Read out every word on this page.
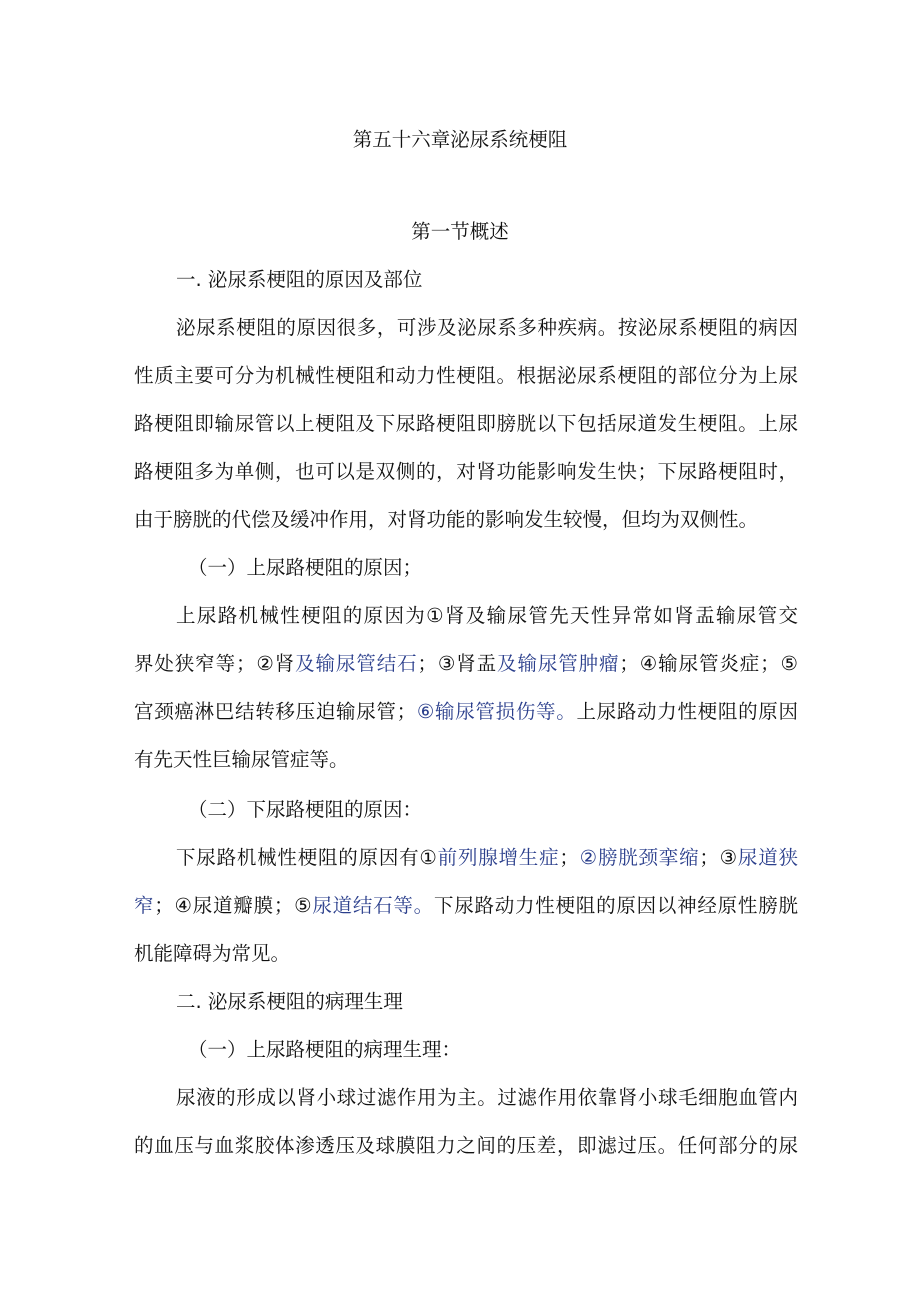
第五十六章泌尿系统梗阻
第一节概述
一. 泌尿系梗阻的原因及部位
泌尿系梗阻的原因很多，可涉及泌尿系多种疾病。按泌尿系梗阻的病因
性质主要可分为机械性梗阻和动力性梗阻。根据泌尿系梗阻的部位分为上尿
路梗阻即输尿管以上梗阻及下尿路梗阻即膀胱以下包括尿道发生梗阻。上尿
路梗阻多为单侧，也可以是双侧的，对肾功能影响发生快；下尿路梗阻时，
由于膀胱的代偿及缓冲作用，对肾功能的影响发生较慢，但均为双侧性。
（一）上尿路梗阻的原因；
上尿路机械性梗阻的原因为①肾及输尿管先天性异常如肾盂输尿管交
界处狭窄等；②肾及输尿管结石；③肾盂及输尿管肿瘤；④输尿管炎症；⑤
宫颈癌淋巴结转移压迫输尿管；⑥输尿管损伤等。上尿路动力性梗阻的原因
有先天性巨输尿管症等。
（二）下尿路梗阻的原因：
下尿路机械性梗阻的原因有①前列腺增生症；②膀胱颈挛缩；③尿道狭
窄；④尿道瓣膜；⑤尿道结石等。下尿路动力性梗阻的原因以神经原性膀胱
机能障碍为常见。
二. 泌尿系梗阻的病理生理
（一）上尿路梗阻的病理生理：
尿液的形成以肾小球过滤作用为主。过滤作用依靠肾小球毛细胞血管内
的血压与血浆胶体渗透压及球膜阻力之间的压差，即滤过压。任何部分的尿
